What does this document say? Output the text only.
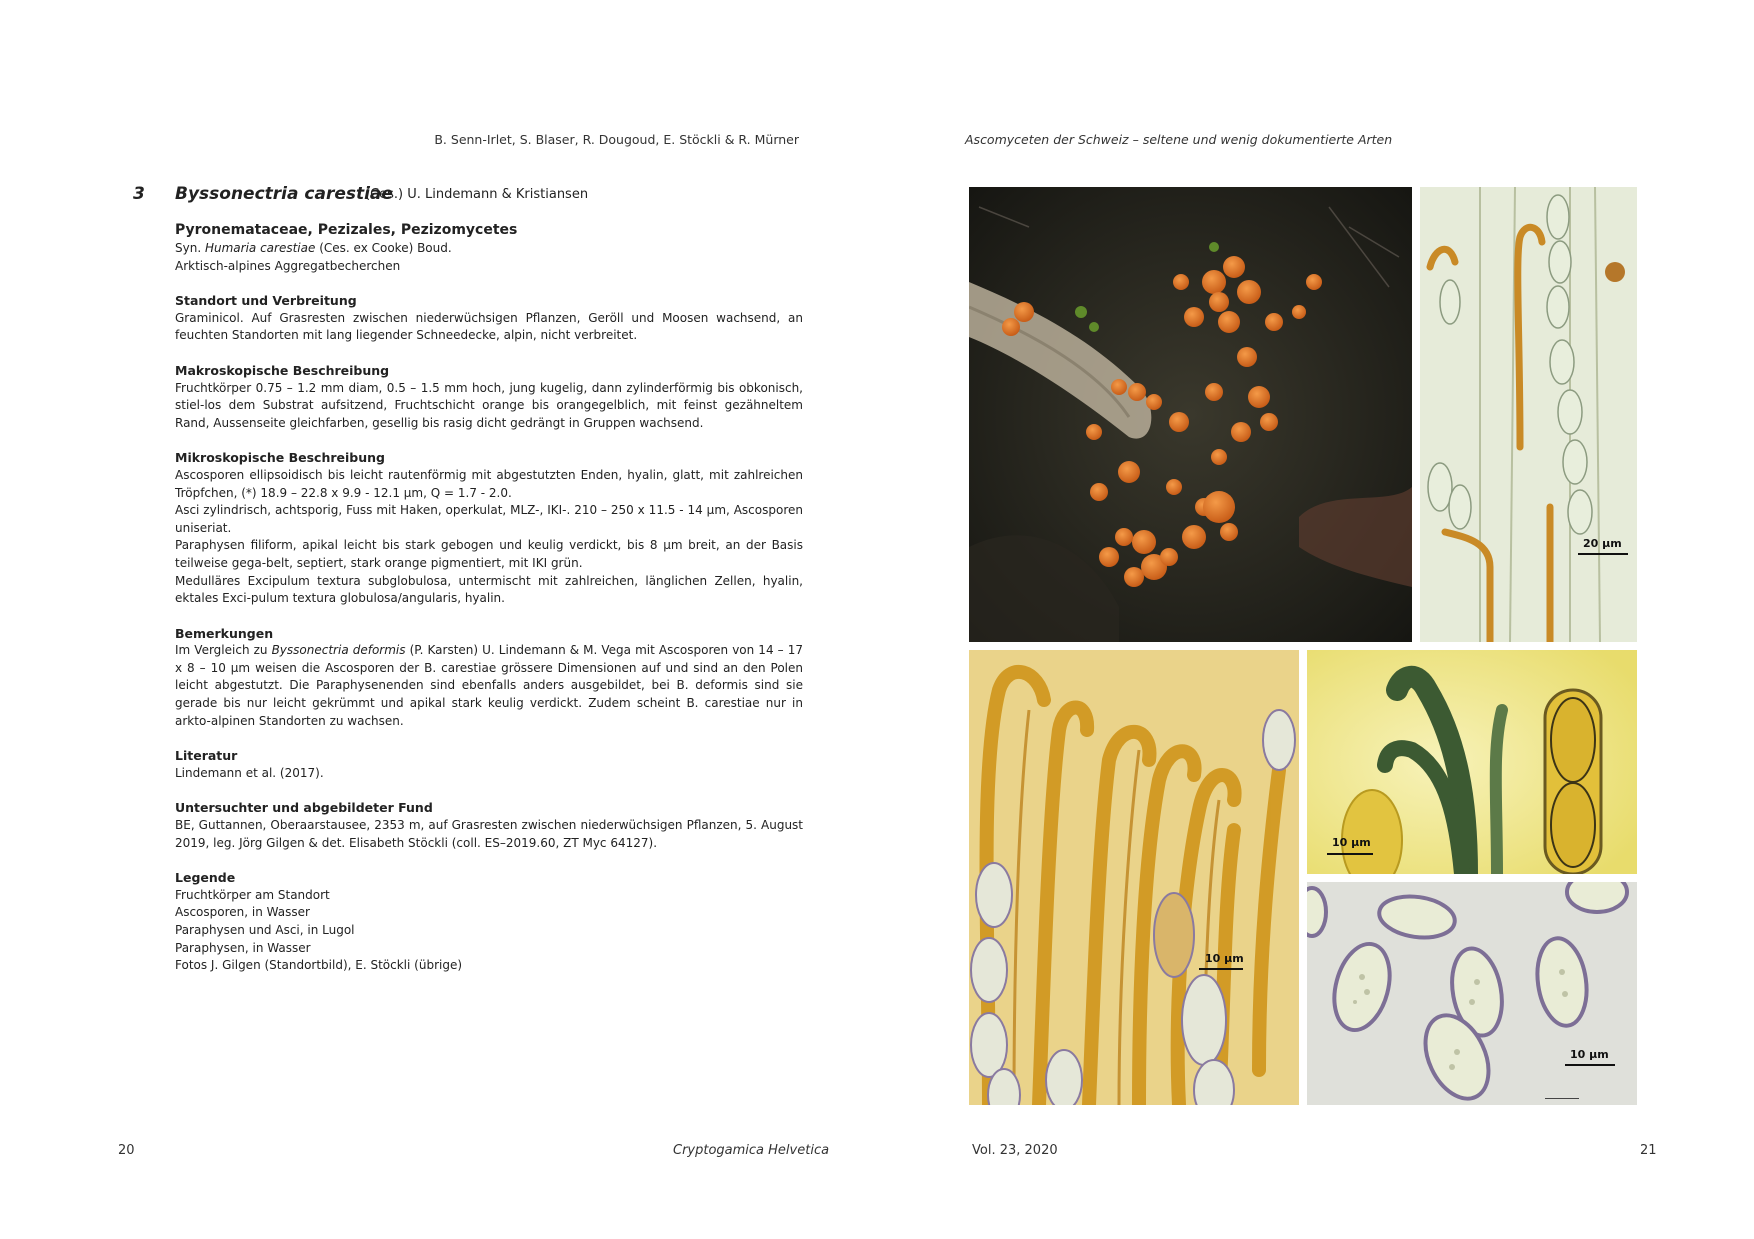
B. Senn-Irlet, S. Blaser, R. Dougoud, E. Stöckli & R. Mürner	Ascomyceten der Schweiz – seltene und wenig dokumentierte Arten
3 Byssonectria carestiae
(Ces.) U. Lindemann & Kristiansen
Pyronemataceae, Pezizales, Pezizomycetes
Syn. Humaria carestiae (Ces. ex Cooke) Boud.
Arktisch-alpines Aggregatbecherchen
Standort und Verbreitung

Graminicol. Auf Grasresten zwischen niederwüchsigen Pflanzen, Geröll und Moosen wachsend, an feuchten Standorten mit lang liegender Schneedecke, alpin, nicht verbreitet.

Makroskopische Beschreibung

Fruchtkörper 0.75 – 1.2 mm diam, 0.5 – 1.5 mm hoch, jung kugelig, dann zylinderförmig bis obkonisch, stiel-los dem Substrat aufsitzend, Fruchtschicht orange bis orangegelblich, mit feinst gezähneltem Rand, Aussenseite gleichfarben, gesellig bis rasig dicht gedrängt in Gruppen wachsend.

Mikroskopische Beschreibung

Ascosporen ellipsoidisch bis leicht rautenförmig mit abgestutzten Enden, hyalin, glatt, mit zahlreichen Tröpfchen, (*) 18.9 – 22.8 x 9.9 - 12.1 µm, Q = 1.7 - 2.0.

Asci zylindrisch, achtsporig, Fuss mit Haken, operkulat, MLZ-, IKI-. 210 – 250 x 11.5 - 14 µm, Ascosporen uniseriat.

Paraphysen filiform, apikal leicht bis stark gebogen und keulig verdickt, bis 8 µm breit, an der Basis teilweise gega-belt, septiert, stark orange pigmentiert, mit IKI grün.

Medulläres Excipulum textura subglobulosa, untermischt mit zahlreichen, länglichen Zellen, hyalin, ektales Exci-pulum textura globulosa/angularis, hyalin.

Bemerkungen

Im Vergleich zu Byssonectria deformis (P. Karsten) U. Lindemann & M. Vega mit Ascosporen von 14 – 17 x 8 – 10 µm weisen die Ascosporen der B. carestiae grössere Dimensionen auf und sind an den Polen leicht abgestutzt. Die Paraphysenenden sind ebenfalls anders ausgebildet, bei B. deformis sind sie gerade bis nur leicht gekrümmt und apikal stark keulig verdickt. Zudem scheint B. carestiae nur in arkto-alpinen Standorten zu wachsen.

Literatur

Lindemann et al. (2017).

Untersuchter und abgebildeter Fund

BE, Guttannen, Oberaarstausee, 2353 m, auf Grasresten zwischen niederwüchsigen Pflanzen, 5. August 2019, leg. Jörg Gilgen & det. Elisabeth Stöckli (coll. ES–2019.60, ZT Myc 64127).

Legende
Fruchtkörper am Standort
Ascosporen, in Wasser
Paraphysen und Asci, in Lugol
Paraphysen, in Wasser
Fotos J. Gilgen (Standortbild), E. Stöckli (übrige)
20 µm
10 µm
10 µm
10 µm
20	Cryptogamica Helvetica	Vol. 23, 2020	21
